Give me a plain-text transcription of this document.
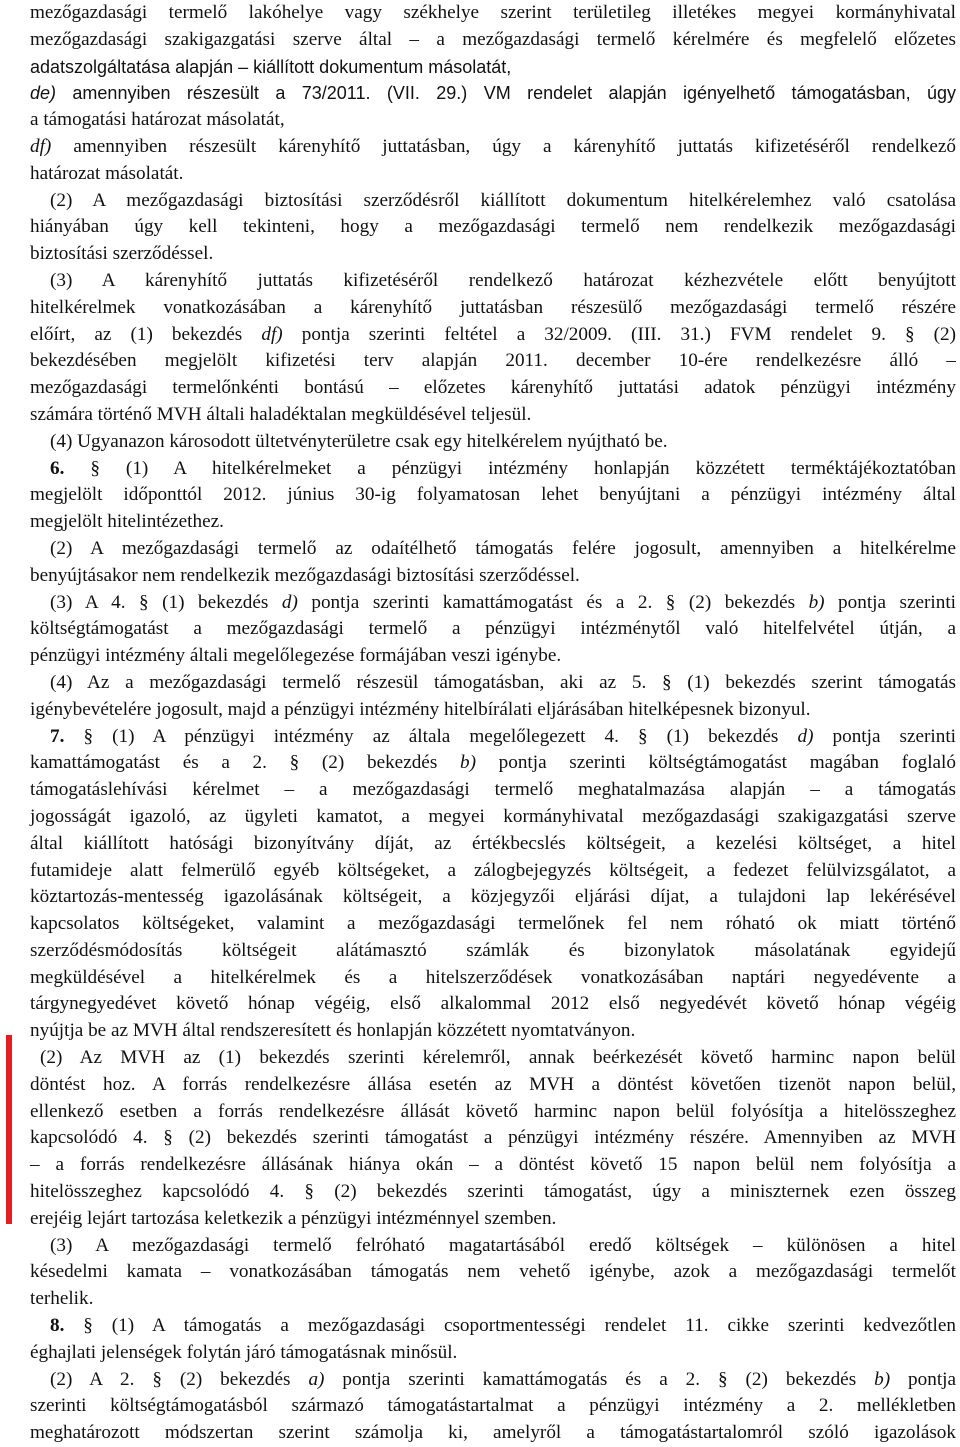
mezőgazdasági termelő lakóhelye vagy székhelye szerint területileg illetékes megyei kormányhivatal
mezőgazdasági szakigazgatási szerve által – a mezőgazdasági termelő kérelmére és megfelelő előzetes
adatszolgáltatása alapján – kiállított dokumentum másolatát,
de) amennyiben részesült a 73/2011. (VII. 29.) VM rendelet alapján igényelhető támogatásban, úgy
a támogatási határozat másolatát,
df) amennyiben részesült kárenyhítő juttatásban, úgy a kárenyhítő juttatás kifizetéséről rendelkező
határozat másolatát.
(2) A mezőgazdasági biztosítási szerződésről kiállított dokumentum hitelkérelemhez való csatolása
hiányában úgy kell tekinteni, hogy a mezőgazdasági termelő nem rendelkezik mezőgazdasági
biztosítási szerződéssel.
(3) A kárenyhítő juttatás kifizetéséről rendelkező határozat kézhezvétele előtt benyújtott
hitelkérelmek vonatkozásában a kárenyhítő juttatásban részesülő mezőgazdasági termelő részére
előírt, az (1) bekezdés df) pontja szerinti feltétel a 32/2009. (III. 31.) FVM rendelet 9. § (2)
bekezdésében megjelölt kifizetési terv alapján 2011. december 10-ére rendelkezésre álló –
mezőgazdasági termelőnkénti bontású – előzetes kárenyhítő juttatási adatok pénzügyi intézmény
számára történő MVH általi haladéktalan megküldésével teljesül.
(4) Ugyanazon károsodott ültetvényterületre csak egy hitelkérelem nyújtható be.
6. § (1) A hitelkérelmeket a pénzügyi intézmény honlapján közzétett terméktájékoztatóban
megjelölt időponttól 2012. június 30-ig folyamatosan lehet benyújtani a pénzügyi intézmény által
megjelölt hitelintézethez.
(2) A mezőgazdasági termelő az odaítélhető támogatás felére jogosult, amennyiben a hitelkérelme
benyújtásakor nem rendelkezik mezőgazdasági biztosítási szerződéssel.
(3) A 4. § (1) bekezdés d) pontja szerinti kamattámogatást és a 2. § (2) bekezdés b) pontja szerinti
költségtámogatást a mezőgazdasági termelő a pénzügyi intézménytől való hitelfelvétel útján, a
pénzügyi intézmény általi megelőlegezése formájában veszi igénybe.
(4) Az a mezőgazdasági termelő részesül támogatásban, aki az 5. § (1) bekezdés szerint támogatás
igénybevételére jogosult, majd a pénzügyi intézmény hitelbírálati eljárásában hitelképesnek bizonyul.
7. § (1) A pénzügyi intézmény az általa megelőlegezett 4. § (1) bekezdés d) pontja szerinti
kamattámogatást és a 2. § (2) bekezdés b) pontja szerinti költségtámogatást magában foglaló
támogatáslehívási kérelmet – a mezőgazdasági termelő meghatalmazása alapján – a támogatás
jogosságát igazoló, az ügyleti kamatot, a megyei kormányhivatal mezőgazdasági szakigazgatási szerve
által kiállított hatósági bizonyítvány díját, az értékbecslés költségeit, a kezelési költséget, a hitel
futamideje alatt felmerülő egyéb költségeket, a zálogbejegyzés költségeit, a fedezet felülvizsgálatot, a
köztartozás-mentesség igazolásának költségeit, a közjegyzői eljárási díjat, a tulajdoni lap lekérésével
kapcsolatos költségeket, valamint a mezőgazdasági termelőnek fel nem róható ok miatt történő
szerződésmódosítás költségeit alátámasztó számlák és bizonylatok másolatának egyidejű
megküldésével a hitelkérelmek és a hitelszerződések vonatkozásában naptári negyedévente a
tárgynegyedévet követő hónap végéig, első alkalommal 2012 első negyedévét követő hónap végéig
nyújtja be az MVH által rendszeresített és honlapján közzétett nyomtatványon.
(2) Az MVH az (1) bekezdés szerinti kérelemről, annak beérkezését követő harminc napon belül
döntést hoz. A forrás rendelkezésre állása esetén az MVH a döntést követően tizenöt napon belül,
ellenkező esetben a forrás rendelkezésre állását követő harminc napon belül folyósítja a hitelösszeghez
kapcsolódó 4. § (2) bekezdés szerinti támogatást a pénzügyi intézmény részére. Amennyiben az MVH
– a forrás rendelkezésre állásának hiánya okán – a döntést követő 15 napon belül nem folyósítja a
hitelösszeghez kapcsolódó 4. § (2) bekezdés szerinti támogatást, úgy a miniszternek ezen összeg
erejéig lejárt tartozása keletkezik a pénzügyi intézménnyel szemben.
(3) A mezőgazdasági termelő felróható magatartásából eredő költségek – különösen a hitel
késedelmi kamata – vonatkozásában támogatás nem vehető igénybe, azok a mezőgazdasági termelőt
terhelik.
8. § (1) A támogatás a mezőgazdasági csoportmentességi rendelet 11. cikke szerinti kedvezőtlen
éghajlati jelenségek folytán járó támogatásnak minősül.
(2) A 2. § (2) bekezdés a) pontja szerinti kamattámogatás és a 2. § (2) bekezdés b) pontja
szerinti költségtámogatásból származó támogatástartalmat a pénzügyi intézmény a 2. mellékletben
meghatározott módszertan szerint számolja ki, amelyről a támogatástartalomról szóló igazolások
